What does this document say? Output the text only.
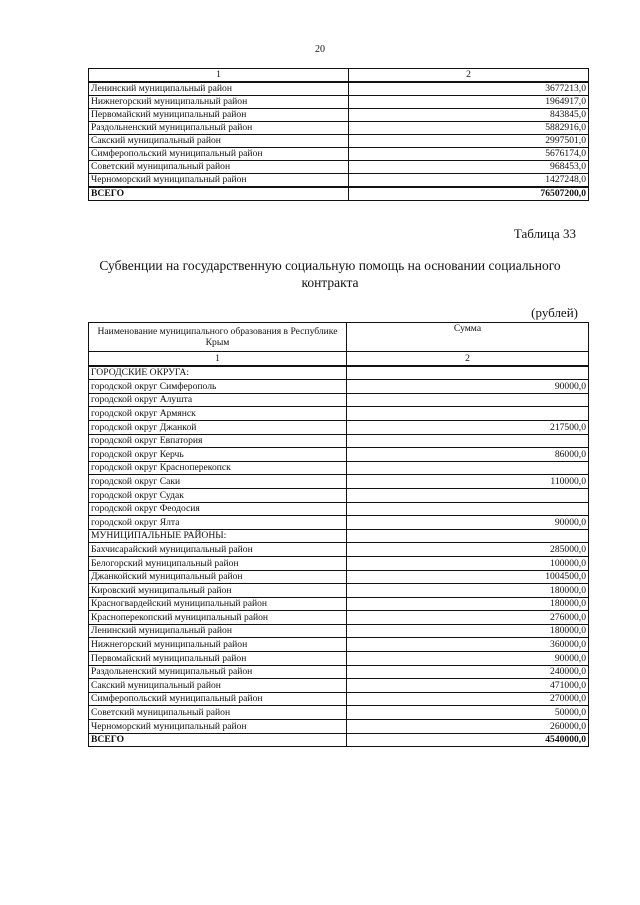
20
1	2
Ленинский муниципальный район	3677213,0
Нижнегорский муниципальный район	1964917,0
Первомайский муниципальный район	843845,0
Раздольненский муниципальный район	5882916,0
Сакский муниципальный район	2997501,0
Симферопольский муниципальный район	5676174,0
Советский муниципальный район	968453,0
Черноморский муниципальный район	1427248,0
ВСЕГО	76507200,0
Таблица 33
Субвенции на государственную социальную помощь на основании социального контракта
(рублей)
Наименование муниципального образования в Республике Крым	Сумма
1	2
ГОРОДСКИЕ ОКРУГА:	
городской округ Симферополь	90000,0
городской округ Алушта	
городской округ Армянск	
городской округ Джанкой	217500,0
городской округ Евпатория	
городской округ Керчь	86000,0
городской округ Красноперекопск	
городской округ Саки	110000,0
городской округ Судак	
городской округ Феодосия	
городской округ Ялта	90000,0
МУНИЦИПАЛЬНЫЕ РАЙОНЫ:	
Бахчисарайский муниципальный район	285000,0
Белогорский муниципальный район	100000,0
Джанкойский муниципальный район	1004500,0
Кировский муниципальный район	180000,0
Красногвардейский муниципальный район	180000,0
Красноперекопский муниципальный район	276000,0
Ленинский муниципальный район	180000,0
Нижнегорский муниципальный район	360000,0
Первомайский муниципальный район	90000,0
Раздольненский муниципальный район	240000,0
Сакский муниципальный район	471000,0
Симферопольский муниципальный район	270000,0
Советский муниципальный район	50000,0
Черноморский муниципальный район	260000,0
ВСЕГО	4540000,0
